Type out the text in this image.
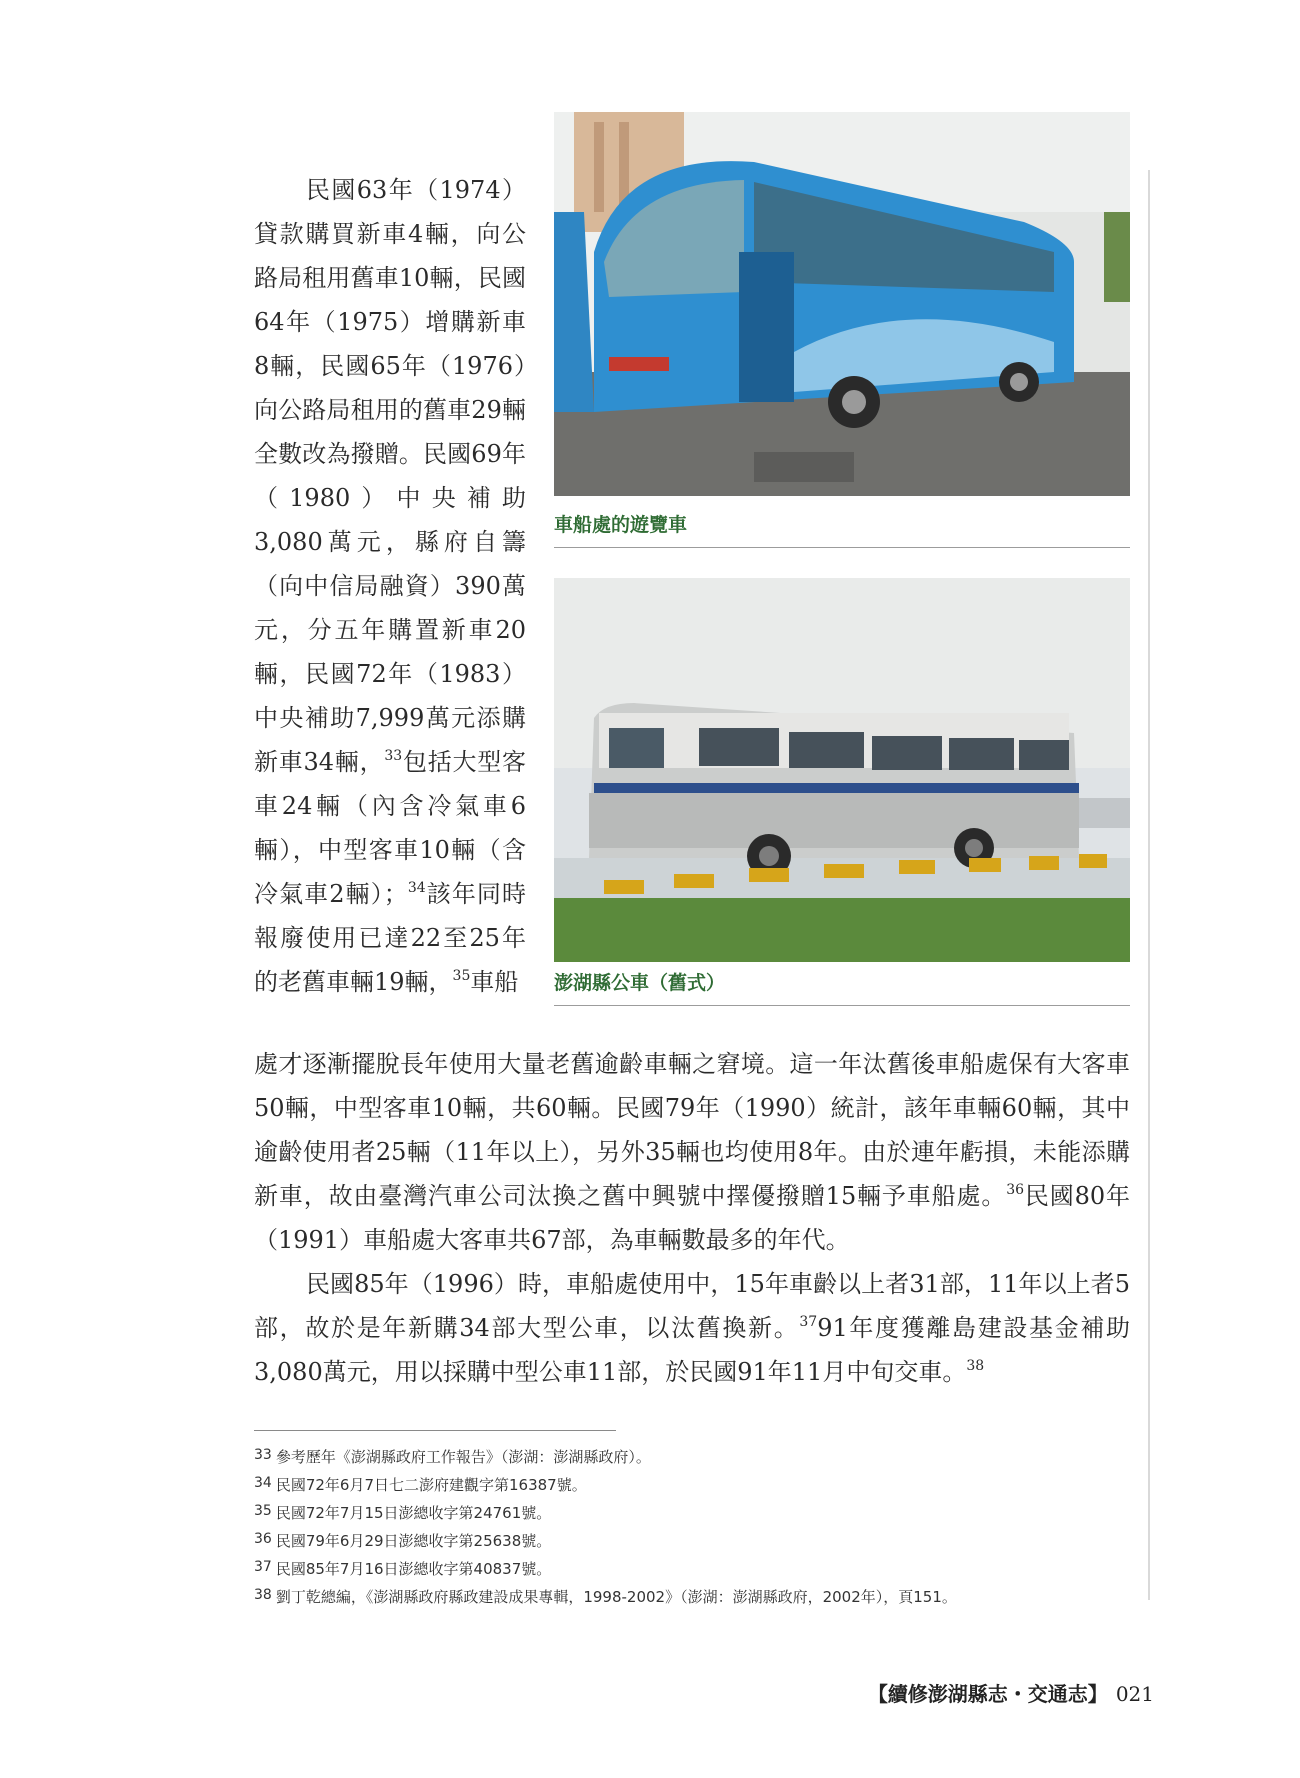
車船處的遊覽車
澎湖縣公車（舊式）

民國63年（1974）貸款購買新車4輛，向公路局租用舊車10輛，民國64年（1975）增購新車8輛，民國65年（1976）向公路局租用的舊車29輛全數改為撥贈。民國69年（1980）中央補助3,080萬元，縣府自籌（向中信局融資）390萬元，分五年購置新車20輛，民國72年（1983）中央補助7,999萬元添購新車34輛，$^{33}$包括大型客車24輛（內含冷氣車6輛），中型客車10輛（含冷氣車2輛）；$^{34}$該年同時報廢使用已達22至25年的老舊車輛19輛，$^{35}$車船

處才逐漸擺脫長年使用大量老舊逾齡車輛之窘境。這一年汰舊後車船處保有大客車50輛，中型客車10輛，共60輛。民國79年（1990）統計，該年車輛60輛，其中逾齡使用者25輛（11年以上），另外35輛也均使用8年。由於連年虧損，未能添購新車，故由臺灣汽車公司汰換之舊中興號中擇優撥贈15輛予車船處。$^{36}$民國80年（1991）車船處大客車共67部，為車輛數最多的年代。

民國85年（1996）時，車船處使用中，15年車齡以上者31部，11年以上者5部，故於是年新購34部大型公車，以汰舊換新。$^{37}$91年度獲離島建設基金補助3,080萬元，用以採購中型公車11部，於民國91年11月中旬交車。$^{38}$

33 參考歷年《澎湖縣政府工作報告》（澎湖：澎湖縣政府）。
34 民國72年6月7日七二澎府建觀字第16387號。
35 民國72年7月15日澎總收字第24761號。
36 民國79年6月29日澎總收字第25638號。
37 民國85年7月16日澎總收字第40837號。
38 劉丁乾總編，《澎湖縣政府縣政建設成果專輯，1998-2002》（澎湖：澎湖縣政府，2002年），頁151。
【續修澎湖縣志・交通志】 021
